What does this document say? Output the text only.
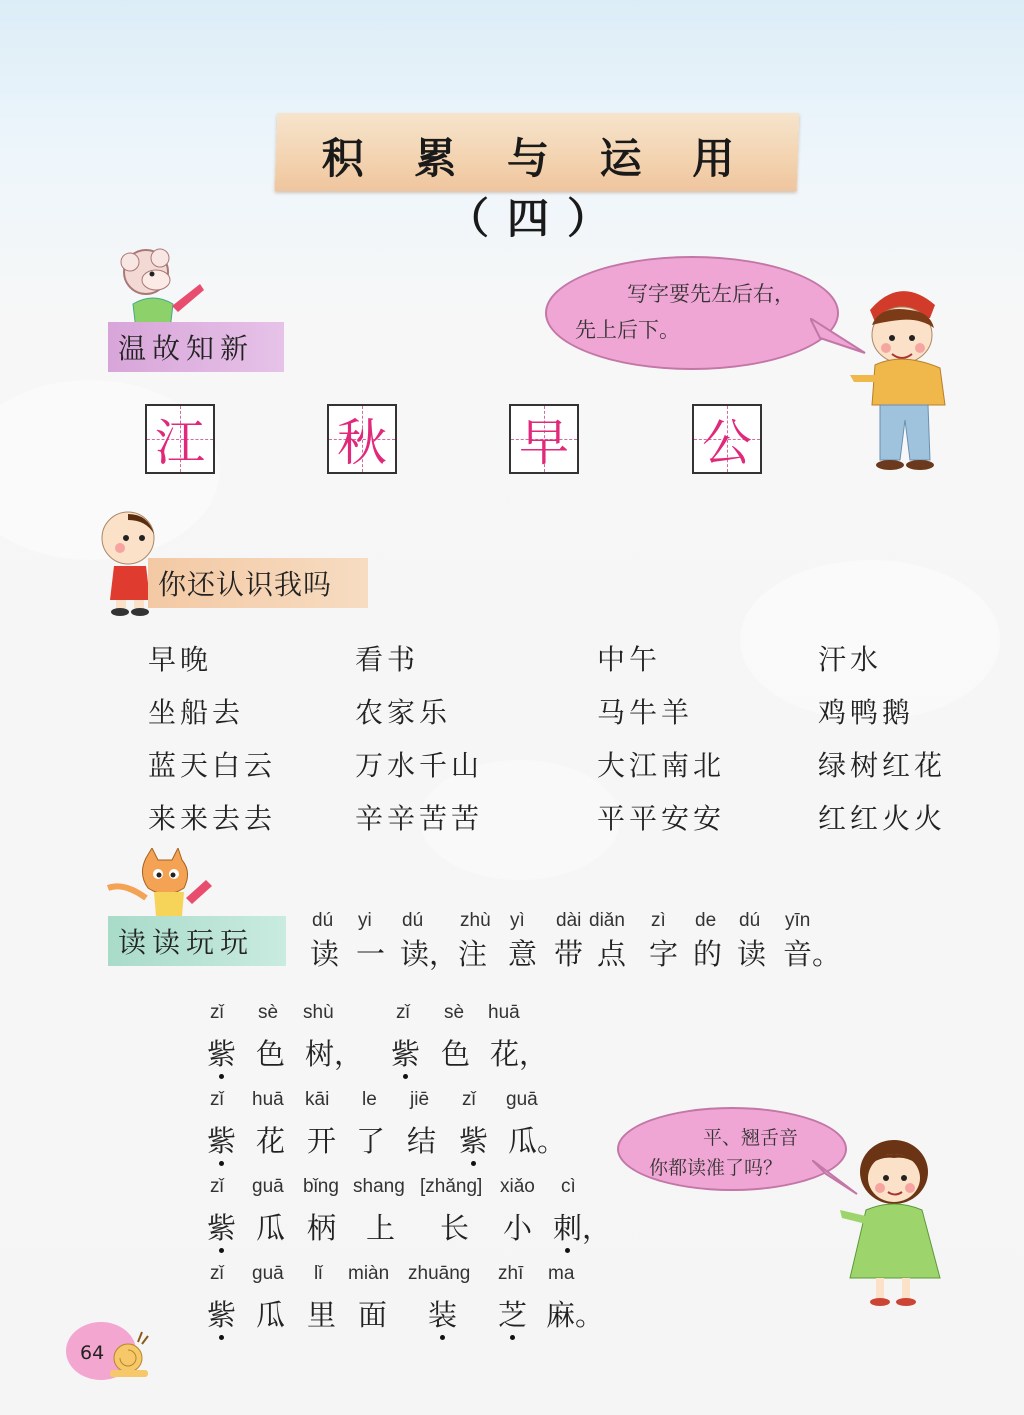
积 累 与 运 用（四）
温故知新
写字要先左后右，
先上后下。
江	秋	早	公
你还认识我吗
早晚	看书	中午	汗水
坐船去	农家乐	马牛羊	鸡鸭鹅
蓝天白云	万水千山	大江南北	绿树红花
来来去去	辛辛苦苦	平平安安	红红火火
读读玩玩
平、翘舌音
你都读准了吗？
64
dú yi dú zhù yì dài diǎn zì de dú yīn
读 一 读， 注 意 带 点 字 的 读 音。
zǐ sè shù	zǐ sè huā
紫 色 树， 紫 色 花，
zǐ huā kāi le jiē zǐ guā
紫 花 开 了 结 紫 瓜。
zǐ guā bǐng shang [zhǎng] xiǎo cì
紫 瓜 柄 上 长 小 刺，
zǐ guā lǐ miàn zhuāng zhī ma
紫 瓜 里 面 装 芝 麻。
